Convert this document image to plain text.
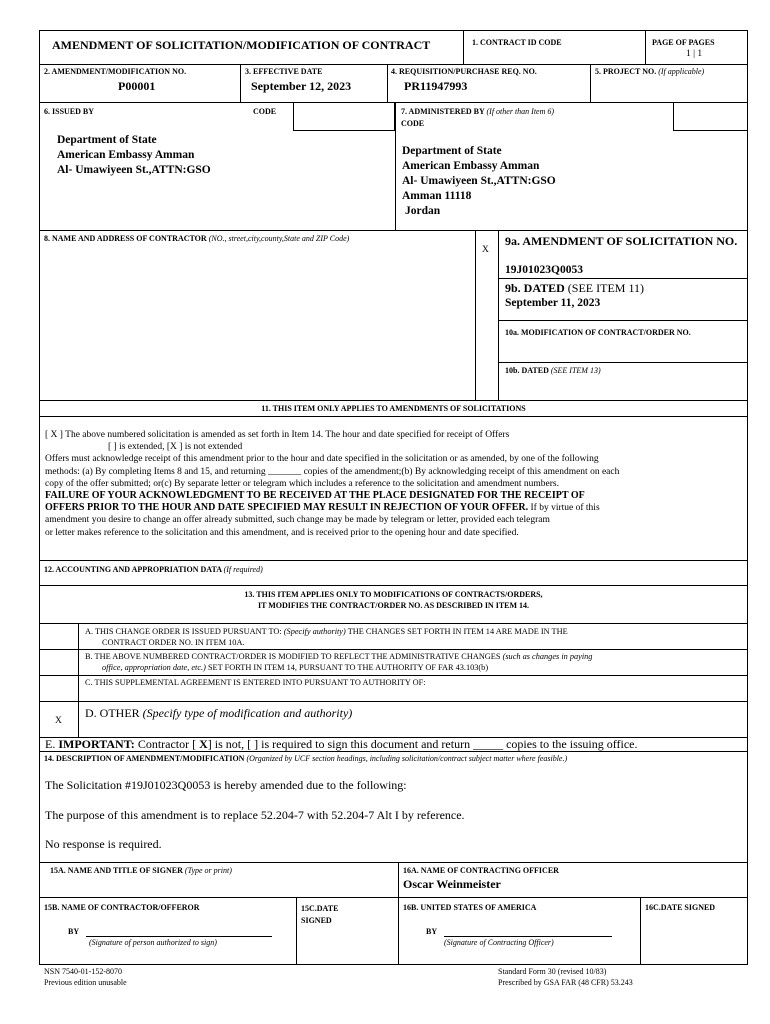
AMENDMENT OF SOLICITATION/MODIFICATION OF CONTRACT	1. CONTRACT ID CODE	PAGE OF PAGES
1 | 1
2. AMENDMENT/MODIFICATION NO.
P00001
3. EFFECTIVE DATE
September 12, 2023
4. REQUISITION/PURCHASE REQ. NO.
PR11947993
5. PROJECT NO. (If applicable)
6. ISSUED BY	CODE
Department of State
American Embassy Amman
Al- Umawiyeen St.,ATTN:GSO
7. ADMINISTERED BY (If other than Item 6)
CODE
Department of State
American Embassy Amman
Al- Umawiyeen St.,ATTN:GSO
Amman 11118
Jordan
8. NAME AND ADDRESS OF CONTRACTOR (NO., street,city,county,State and ZIP Code)
X
9a. AMENDMENT OF SOLICITATION NO.
19J01023Q0053
9b. DATED (SEE ITEM 11)
September 11, 2023
10a. MODIFICATION OF CONTRACT/ORDER NO.
10b. DATED (SEE ITEM 13)
11. THIS ITEM ONLY APPLIES TO AMENDMENTS OF SOLICITATIONS
[ X ] The above numbered solicitation is amended as set forth in Item 14. The hour and date specified for receipt of Offers
[ ] is extended, [X ] is not extended
Offers must acknowledge receipt of this amendment prior to the hour and date specified in the solicitation or as amended, by one of the following
methods: (a) By completing Items 8 and 15, and returning _______ copies of the amendment;(b) By acknowledging receipt of this amendment on each
copy of the offer submitted; or(c) By separate letter or telegram which includes a reference to the solicitation and amendment numbers.
FAILURE OF YOUR ACKNOWLEDGMENT TO BE RECEIVED AT THE PLACE DESIGNATED FOR THE RECEIPT OF
OFFERS PRIOR TO THE HOUR AND DATE SPECIFIED MAY RESULT IN REJECTION OF YOUR OFFER. If by virtue of this
amendment you desire to change an offer already submitted, such change may be made by telegram or letter, provided each telegram
or letter makes reference to the solicitation and this amendment, and is received prior to the opening hour and date specified.
12. ACCOUNTING AND APPROPRIATION DATA (If required)
13. THIS ITEM APPLIES ONLY TO MODIFICATIONS OF CONTRACTS/ORDERS,
IT MODIFIES THE CONTRACT/ORDER NO. AS DESCRIBED IN ITEM 14.
A. THIS CHANGE ORDER IS ISSUED PURSUANT TO: (Specify authority) THE CHANGES SET FORTH IN ITEM 14 ARE MADE IN THE
CONTRACT ORDER NO. IN ITEM 10A.
B. THE ABOVE NUMBERED CONTRACT/ORDER IS MODIFIED TO REFLECT THE ADMINISTRATIVE CHANGES (such as changes in paying
office, appropriation date, etc.) SET FORTH IN ITEM 14, PURSUANT TO THE AUTHORITY OF FAR 43.103(b)
C. THIS SUPPLEMENTAL AGREEMENT IS ENTERED INTO PURSUANT TO AUTHORITY OF:
D. OTHER (Specify type of modification and authority)
X
E. IMPORTANT: Contractor [ X] is not, [ ] is required to sign this document and return _____ copies to the issuing office.
14. DESCRIPTION OF AMENDMENT/MODIFICATION (Organized by UCF section headings, including solicitation/contract subject matter where feasible.)
The Solicitation #19J01023Q0053 is hereby amended due to the following:
The purpose of this amendment is to replace 52.204-7 with 52.204-7 Alt I by reference.
No response is required.
15A. NAME AND TITLE OF SIGNER (Type or print)	16A. NAME OF CONTRACTING OFFICER
Oscar Weinmeister
15B. NAME OF CONTRACTOR/OFFEROR
BY
(Signature of person authorized to sign)
15C.DATE
SIGNED
16B. UNITED STATES OF AMERICA
BY
(Signature of Contracting Officer)
16C.DATE SIGNED
NSN 7540-01-152-8070
Previous edition unusable
Standard Form 30 (revised 10/83)
Prescribed by GSA FAR (48 CFR) 53.243
